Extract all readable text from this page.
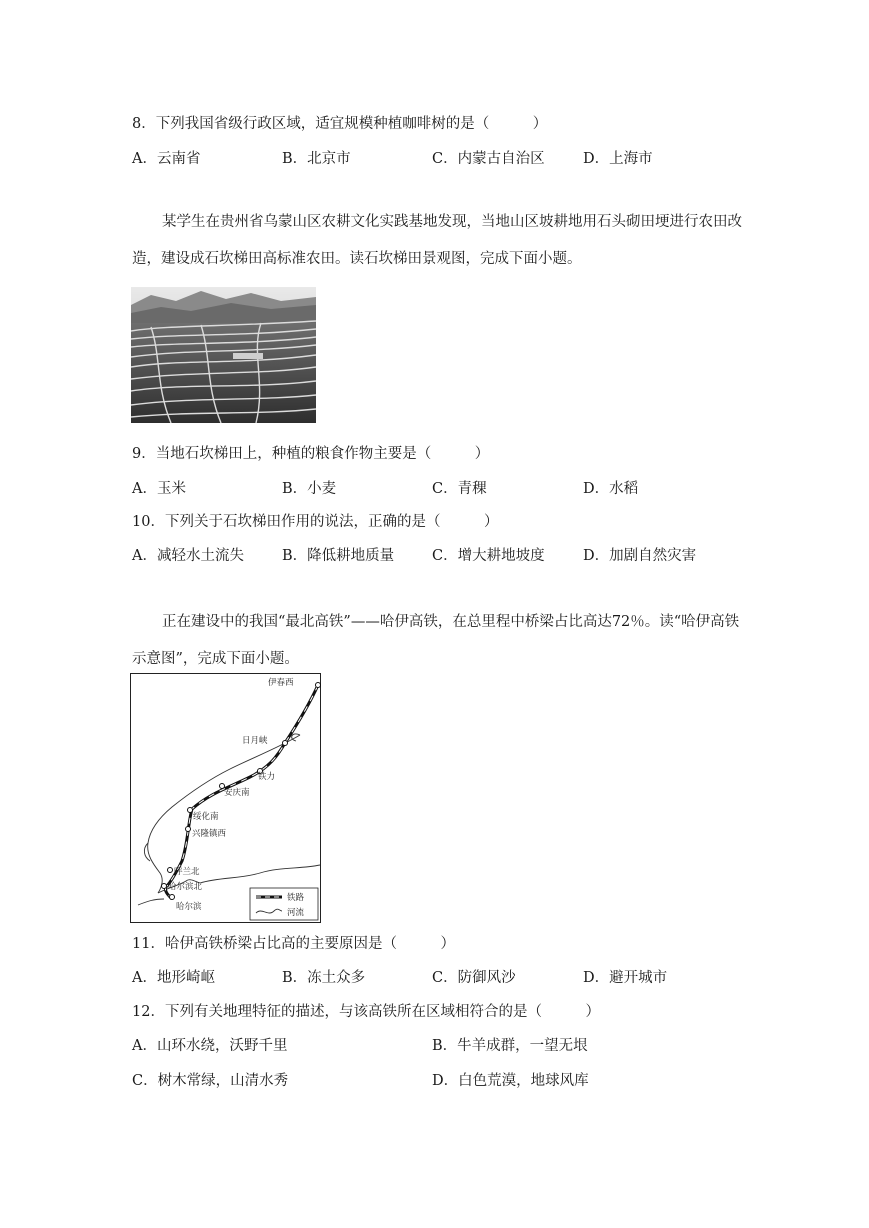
8．下列我国省级行政区域，适宜规模种植咖啡树的是（　　　）
A．云南省	B．北京市	C．内蒙古自治区	D．上海市
某学生在贵州省乌蒙山区农耕文化实践基地发现，当地山区坡耕地用石头砌田埂进行农田改造，建设成石坎梯田高标准农田。读石坎梯田景观图，完成下面小题。
9．当地石坎梯田上，种植的粮食作物主要是（　　　）
A．玉米	B．小麦	C．青稞	D．水稻
10．下列关于石坎梯田作用的说法，正确的是（　　　）
A．减轻水土流失	B．降低耕地质量	C．增大耕地坡度	D．加剧自然灾害
正在建设中的我国“最北高铁”——哈伊高铁，在总里程中桥梁占比高达72％。读“哈伊高铁示意图”，完成下面小题。
伊春西
日月峡
铁力
安庆南
绥化南
兴隆镇西
呼兰北
哈尔滨北
哈尔滨
铁路
河流
11．哈伊高铁桥梁占比高的主要原因是（　　　）
A．地形崎岖	B．冻土众多	C．防御风沙	D．避开城市
12．下列有关地理特征的描述，与该高铁所在区域相符合的是（　　　）
A．山环水绕，沃野千里	B．牛羊成群，一望无垠
C．树木常绿，山清水秀	D．白色荒漠，地球风库
